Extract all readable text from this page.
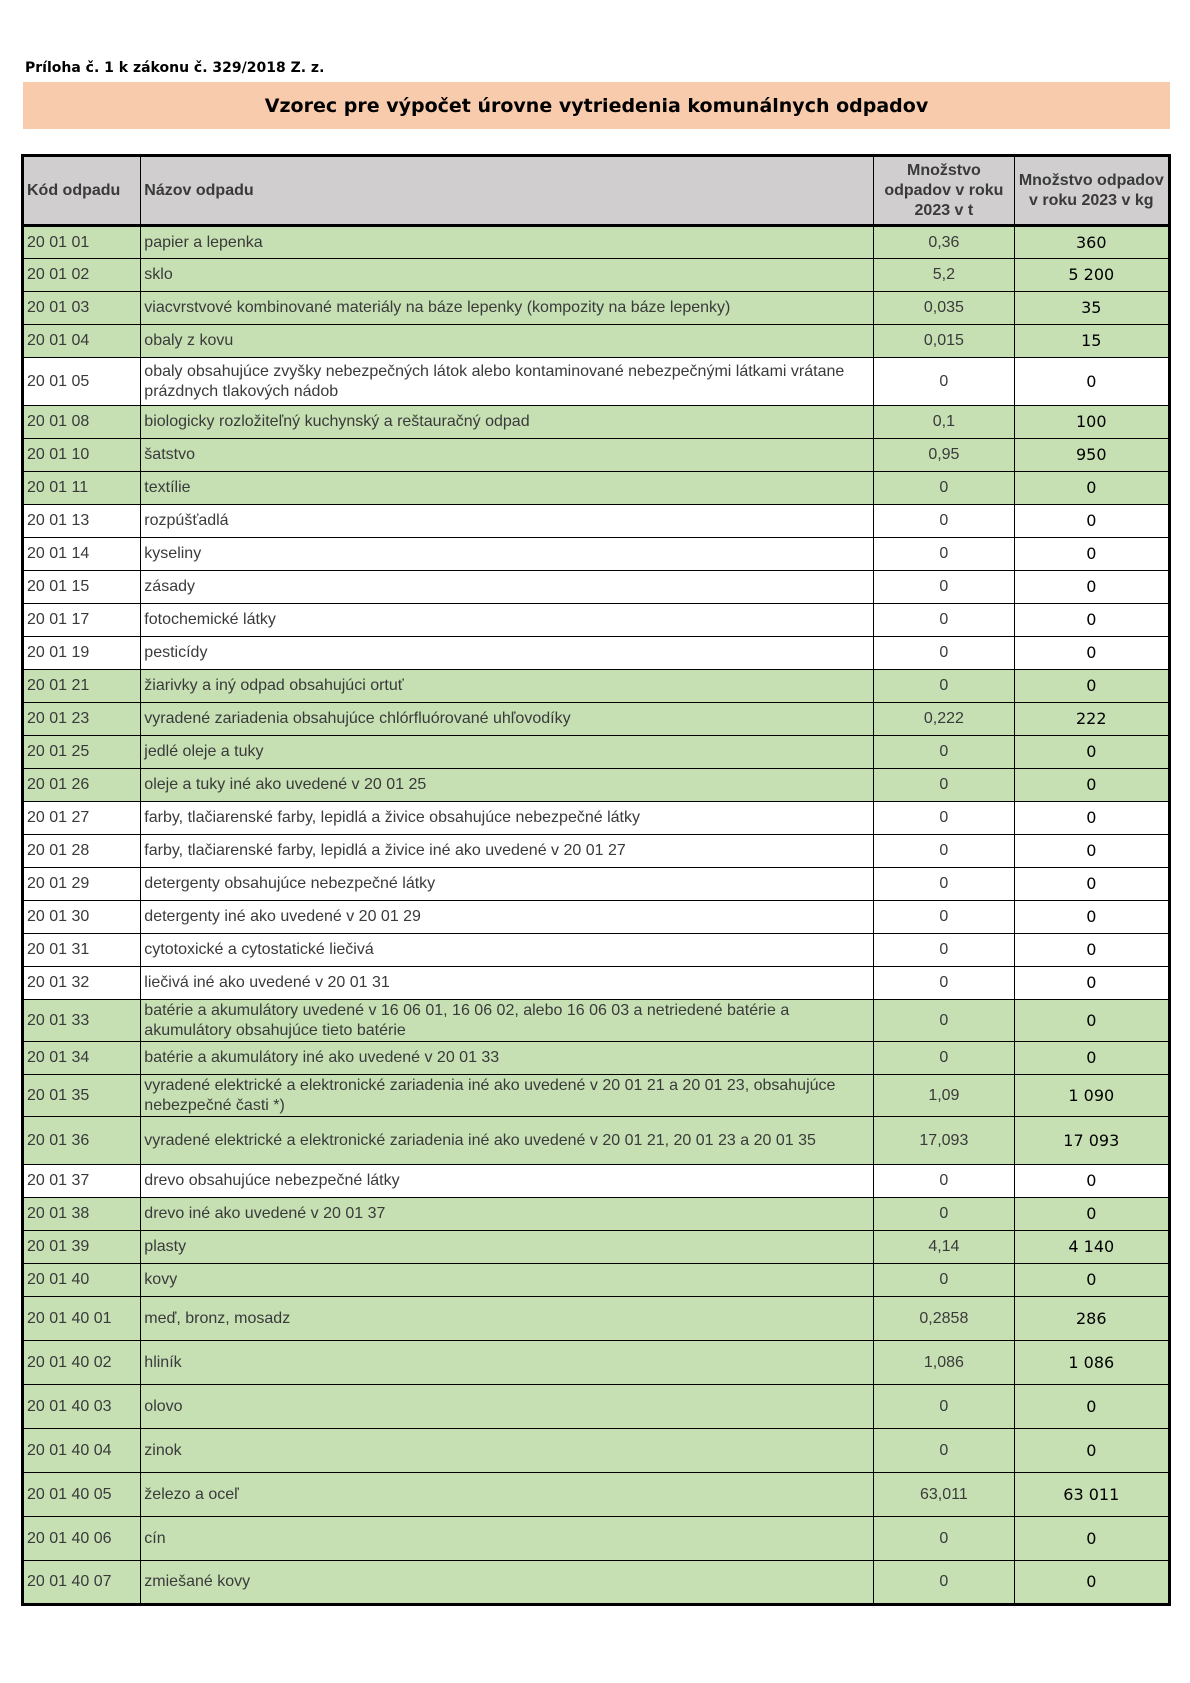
Príloha č. 1 k zákonu č. 329/2018 Z. z.
Vzorec pre výpočet úrovne vytriedenia komunálnych odpadov
Kód odpadu	Názov odpadu	Množstvo odpadov v roku 2023 v t	Množstvo odpadov v roku 2023 v kg
20 01 01	papier a lepenka	0,36	360
20 01 02	sklo	5,2	5 200
20 01 03	viacvrstvové kombinované materiály na báze lepenky (kompozity na báze lepenky)	0,035	35
20 01 04	obaly z kovu	0,015	15
20 01 05	obaly obsahujúce zvyšky nebezpečných látok alebo kontaminované nebezpečnými látkami vrátane prázdnych tlakových nádob	0	0
20 01 08	biologicky rozložiteľný kuchynský a reštauračný odpad	0,1	100
20 01 10	šatstvo	0,95	950
20 01 11	textílie	0	0
20 01 13	rozpúšťadlá	0	0
20 01 14	kyseliny	0	0
20 01 15	zásady	0	0
20 01 17	fotochemické látky	0	0
20 01 19	pesticídy	0	0
20 01 21	žiarivky a iný odpad obsahujúci ortuť	0	0
20 01 23	vyradené zariadenia obsahujúce chlórfluórované uhľovodíky	0,222	222
20 01 25	jedlé oleje a tuky	0	0
20 01 26	oleje a tuky iné ako uvedené v 20 01 25	0	0
20 01 27	farby, tlačiarenské farby, lepidlá a živice obsahujúce nebezpečné látky	0	0
20 01 28	farby, tlačiarenské farby, lepidlá a živice iné ako uvedené v 20 01 27	0	0
20 01 29	detergenty obsahujúce nebezpečné látky	0	0
20 01 30	detergenty iné ako uvedené v 20 01 29	0	0
20 01 31	cytotoxické a cytostatické liečivá	0	0
20 01 32	liečivá iné ako uvedené v 20 01 31	0	0
20 01 33	batérie a akumulátory uvedené v 16 06 01, 16 06 02, alebo 16 06 03 a netriedené batérie a akumulátory obsahujúce tieto batérie	0	0
20 01 34	batérie a akumulátory iné ako uvedené v 20 01 33	0	0
20 01 35	vyradené elektrické a elektronické zariadenia iné ako uvedené v 20 01 21 a 20 01 23, obsahujúce nebezpečné časti *)	1,09	1 090
20 01 36	vyradené elektrické a elektronické zariadenia iné ako uvedené v 20 01 21, 20 01 23 a 20 01 35	17,093	17 093
20 01 37	drevo obsahujúce nebezpečné látky	0	0
20 01 38	drevo iné ako uvedené v 20 01 37	0	0
20 01 39	plasty	4,14	4 140
20 01 40	kovy	0	0
20 01 40 01	meď, bronz, mosadz	0,2858	286
20 01 40 02	hliník	1,086	1 086
20 01 40 03	olovo	0	0
20 01 40 04	zinok	0	0
20 01 40 05	železo a oceľ	63,011	63 011
20 01 40 06	cín	0	0
20 01 40 07	zmiešané kovy	0	0
